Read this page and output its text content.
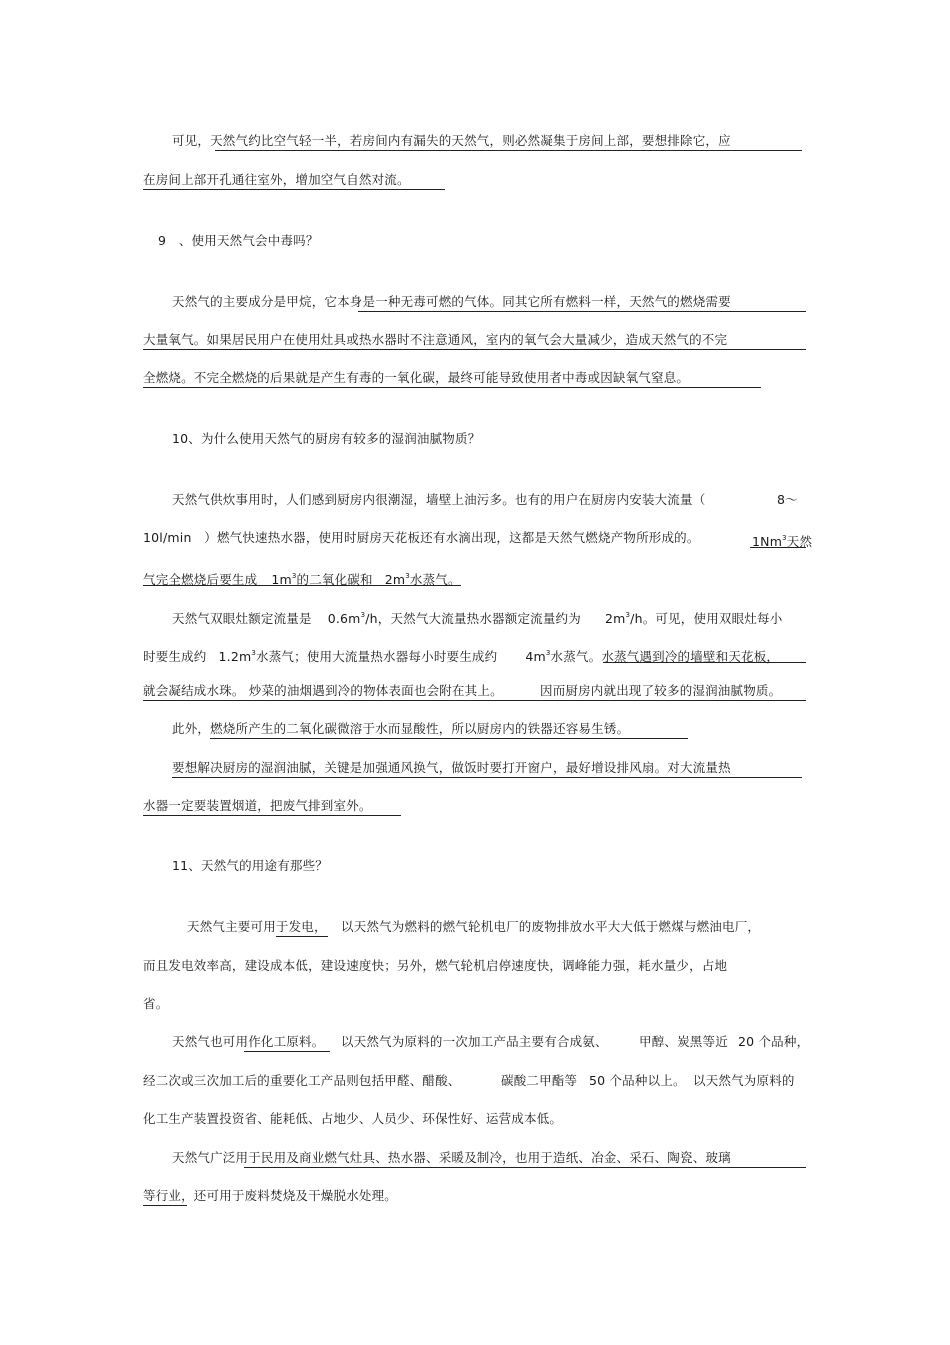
可见，天然气约比空气轻一半，若房间内有漏失的天然气，则必然凝集于房间上部，要想排除它，应
在房间上部开孔通往室外，增加空气自然对流。
9　、使用天然气会中毒吗？
天然气的主要成分是甲烷，它本身是一种无毒可燃的气体。同其它所有燃料一样，天然气的燃烧需要
大量氧气。如果居民用户在使用灶具或热水器时不注意通风，室内的氧气会大量减少，造成天然气的不完
全燃烧。不完全燃烧的后果就是产生有毒的一氧化碳，最终可能导致使用者中毒或因缺氧气窒息。
10、为什么使用天然气的厨房有较多的湿润油腻物质？
天然气供炊事用时，人们感到厨房内很潮湿，墙壁上油污多。也有的用户在厨房内安装大流量（	8～
10l/min　）燃气快速热水器，使用时厨房天花板还有水滴出现，这都是天然气燃烧产物所形成的。	1Nm$^3$天然
气完全燃烧后要生成 $1m^3$的二氧化碳和 $2m^3$水蒸气。
天然气双眼灶额定流量是 $0.6m^3/h$，天然气大流量热水器额定流量约为 $2m^3/h$。可见，使用双眼灶每小
时要生成约 $1.2m^3$水蒸气；使用大流量热水器每小时要生成约 $4m^3$水蒸气。水蒸气遇到冷的墙壁和天花板，
就会凝结成水珠。 炒菜的油烟遇到冷的物体表面也会附在其上。	因而厨房内就出现了较多的湿润油腻物质。
此外，燃烧所产生的二氧化碳微溶于水而显酸性，所以厨房内的铁器还容易生锈。
要想解决厨房的湿润油腻，关键是加强通风换气，做饭时要打开窗户，最好增设排风扇。对大流量热
水器一定要装置烟道，把废气排到室外。
11、天然气的用途有那些？
天然气主要可用于发电， 以天然气为燃料的燃气轮机电厂的废物排放水平大大低于燃煤与燃油电厂，
而且发电效率高，建设成本低，建设速度快；另外，燃气轮机启停速度快，调峰能力强，耗水量少，占地
省。
天然气也可用作化工原料。 以天然气为原料的一次加工产品主要有合成氨、	甲醇、炭黑等近 20 个品种，
经二次或三次加工后的重要化工产品则包括甲醛、醋酸、	碳酸二甲酯等 50 个品种以上。 以天然气为原料的
化工生产装置投资省、能耗低、占地少、人员少、环保性好、运营成本低。
天然气广泛用于民用及商业燃气灶具、热水器、采暖及制冷，也用于造纸、冶金、采石、陶瓷、玻璃
等行业，还可用于废料焚烧及干燥脱水处理。
